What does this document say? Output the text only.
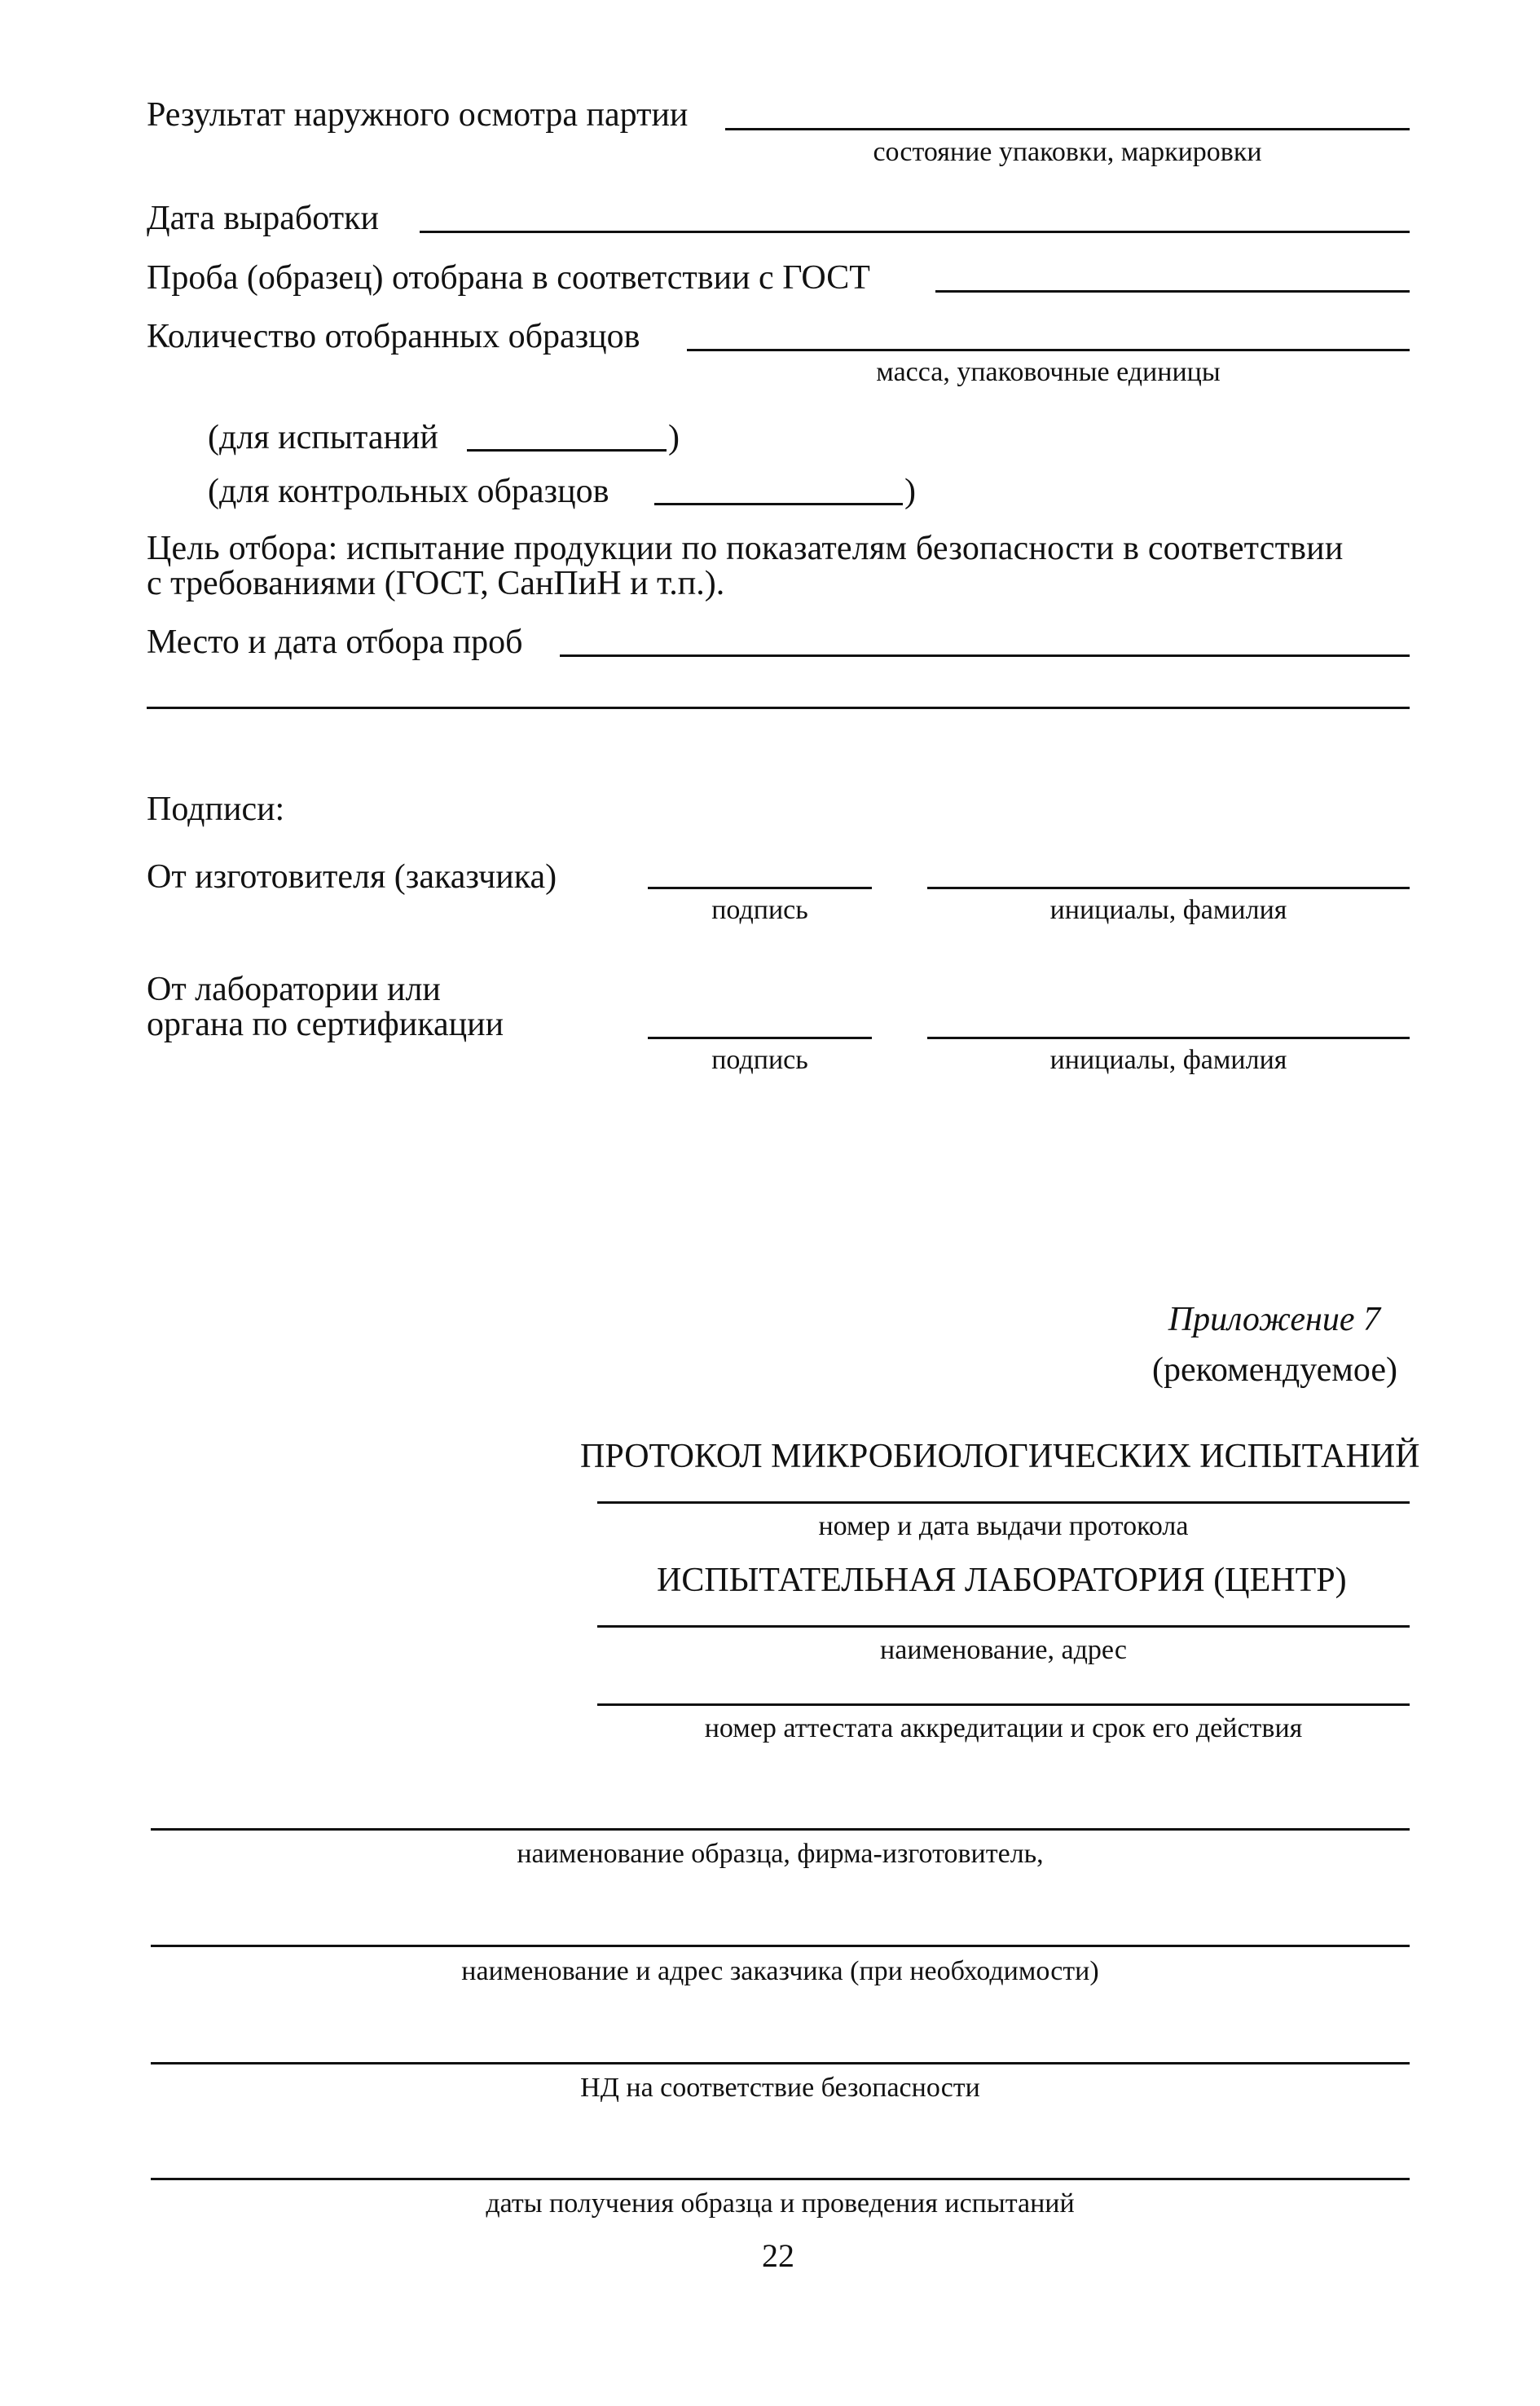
Результат наружного осмотра партии
состояние упаковки, маркировки
Дата выработки
Проба (образец) отобрана в соответствии с ГОСТ
Количество отобранных образцов
масса, упаковочные единицы
(для испытаний	)
(для контрольных образцов	)
Цель отбора: испытание продукции по показателям безопасности в соответствии
с требованиями (ГОСТ, СанПиН и т.п.).
Место и дата отбора проб
Подписи:
От изготовителя (заказчика)
подпись	инициалы, фамилия
От лаборатории или
органа по сертификации
подпись	инициалы, фамилия
Приложение 7
(рекомендуемое)
ПРОТОКОЛ МИКРОБИОЛОГИЧЕСКИХ ИСПЫТАНИЙ
номер и дата выдачи протокола
ИСПЫТАТЕЛЬНАЯ ЛАБОРАТОРИЯ (ЦЕНТР)
наименование, адрес
номер аттестата аккредитации и срок его действия
наименование образца, фирма-изготовитель,
наименование и адрес заказчика (при необходимости)
НД на соответствие безопасности
даты получения образца и проведения испытаний
22
